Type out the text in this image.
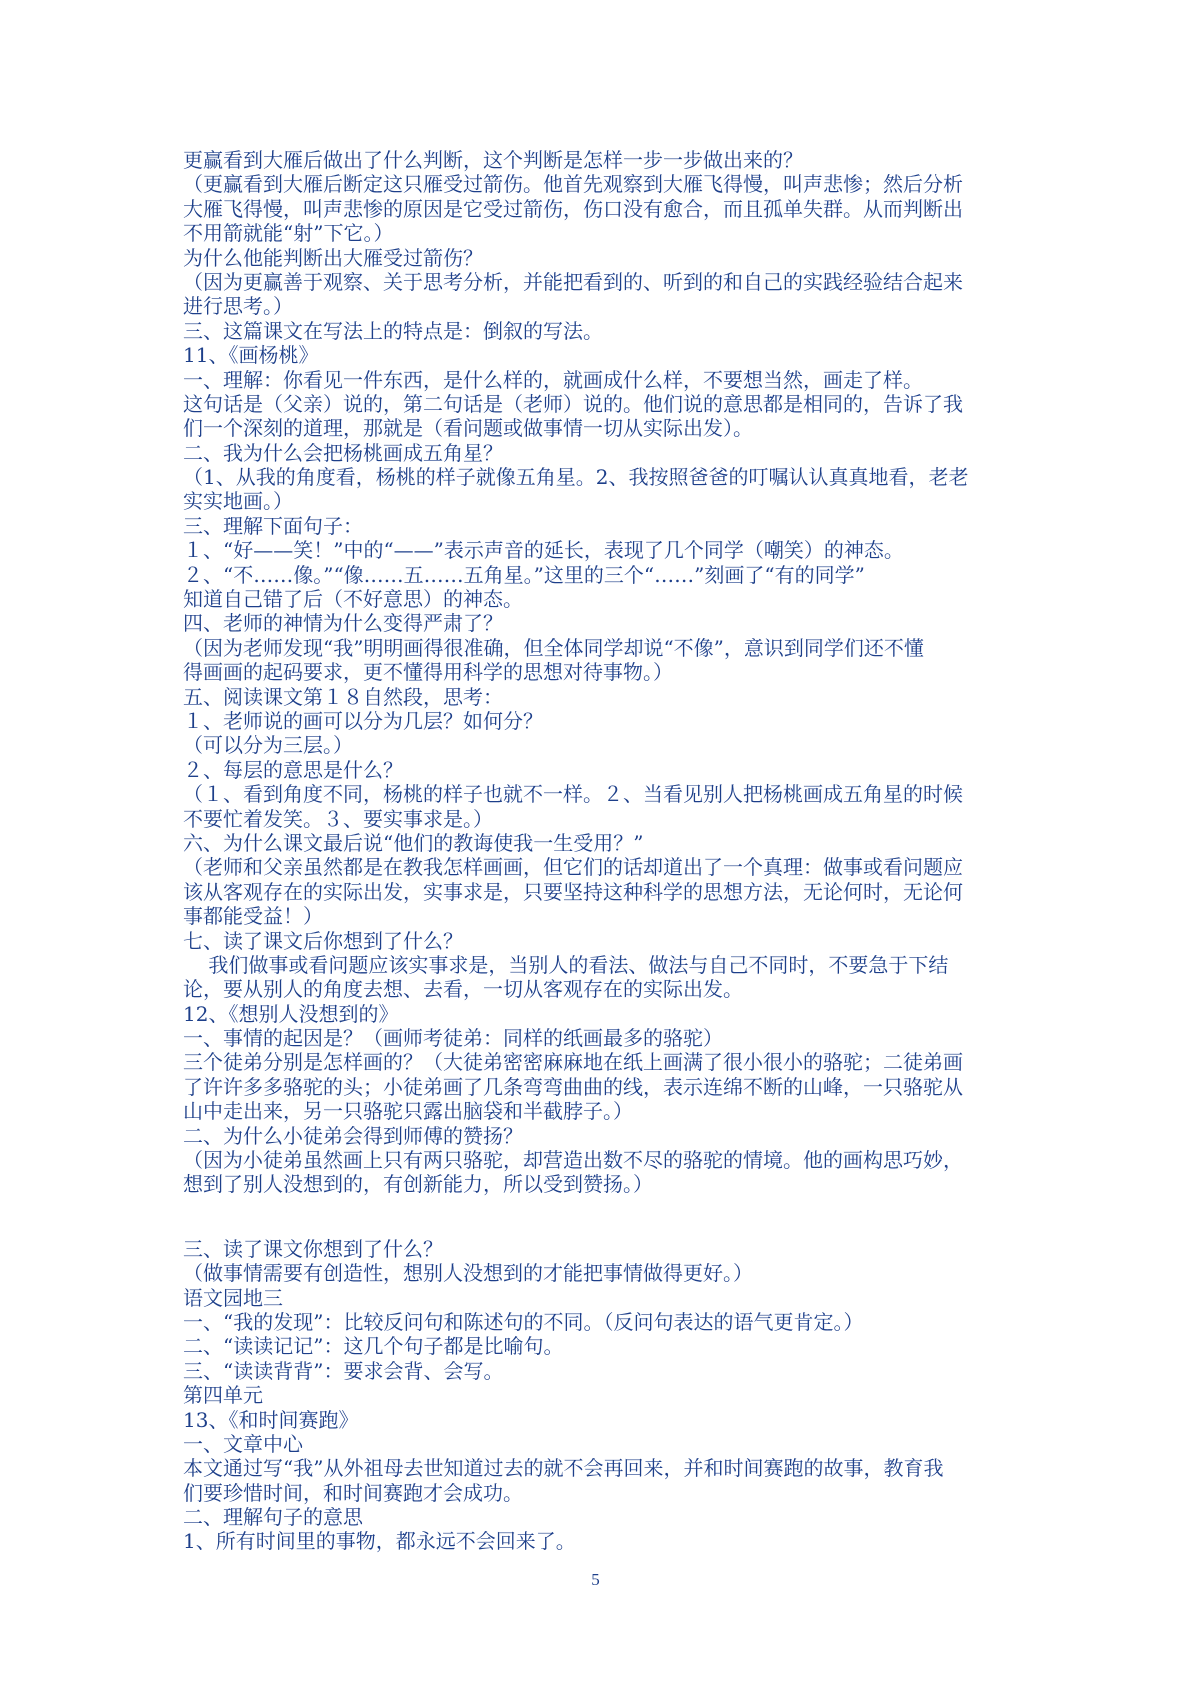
更赢看到大雁后做出了什么判断，这个判断是怎样一步一步做出来的？
（更赢看到大雁后断定这只雁受过箭伤。他首先观察到大雁飞得慢，叫声悲惨；然后分析
大雁飞得慢，叫声悲惨的原因是它受过箭伤，伤口没有愈合，而且孤单失群。从而判断出
不用箭就能“射”下它。）
为什么他能判断出大雁受过箭伤？
（因为更赢善于观察、关于思考分析，并能把看到的、听到的和自己的实践经验结合起来
进行思考。）
三、这篇课文在写法上的特点是：倒叙的写法。
11、《画杨桃》
一、理解：你看见一件东西，是什么样的，就画成什么样，不要想当然，画走了样。
这句话是（父亲）说的，第二句话是（老师）说的。他们说的意思都是相同的，告诉了我
们一个深刻的道理，那就是（看问题或做事情一切从实际出发）。
二、我为什么会把杨桃画成五角星？
（1、从我的角度看，杨桃的样子就像五角星。2、我按照爸爸的叮嘱认认真真地看，老老
实实地画。）
三、理解下面句子：
１、“好——笑！”中的“——”表示声音的延长，表现了几个同学（嘲笑）的神态。
２、“不……像。”“像……五……五角星。”这里的三个“……”刻画了“有的同学”
知道自己错了后（不好意思）的神态。
四、老师的神情为什么变得严肃了？
（因为老师发现“我”明明画得很准确，但全体同学却说“不像”，意识到同学们还不懂
得画画的起码要求，更不懂得用科学的思想对待事物。）
五、阅读课文第１８自然段，思考：
１、老师说的画可以分为几层？如何分？
（可以分为三层。）
２、每层的意思是什么？
（１、看到角度不同，杨桃的样子也就不一样。２、当看见别人把杨桃画成五角星的时候
不要忙着发笑。３、要实事求是。）
六、为什么课文最后说“他们的教诲使我一生受用？”
（老师和父亲虽然都是在教我怎样画画，但它们的话却道出了一个真理：做事或看问题应
该从客观存在的实际出发，实事求是，只要坚持这种科学的思想方法，无论何时，无论何
事都能受益！）
七、读了课文后你想到了什么？
我们做事或看问题应该实事求是，当别人的看法、做法与自己不同时，不要急于下结
论，要从别人的角度去想、去看，一切从客观存在的实际出发。
12、《想别人没想到的》
一、事情的起因是？（画师考徒弟：同样的纸画最多的骆驼）
三个徒弟分别是怎样画的？（大徒弟密密麻麻地在纸上画满了很小很小的骆驼；二徒弟画
了许许多多骆驼的头；小徒弟画了几条弯弯曲曲的线，表示连绵不断的山峰，一只骆驼从
山中走出来，另一只骆驼只露出脑袋和半截脖子。）
二、为什么小徒弟会得到师傅的赞扬？
（因为小徒弟虽然画上只有两只骆驼，却营造出数不尽的骆驼的情境。他的画构思巧妙，
想到了别人没想到的，有创新能力，所以受到赞扬。）
三、读了课文你想到了什么？
（做事情需要有创造性，想别人没想到的才能把事情做得更好。）
语文园地三
一、“我的发现”：比较反问句和陈述句的不同。（反问句表达的语气更肯定。）
二、“读读记记”：这几个句子都是比喻句。
三、“读读背背”：要求会背、会写。
第四单元
13、《和时间赛跑》
一、文章中心
本文通过写“我”从外祖母去世知道过去的就不会再回来，并和时间赛跑的故事，教育我
们要珍惜时间，和时间赛跑才会成功。
二、理解句子的意思
1、所有时间里的事物，都永远不会回来了。
5
